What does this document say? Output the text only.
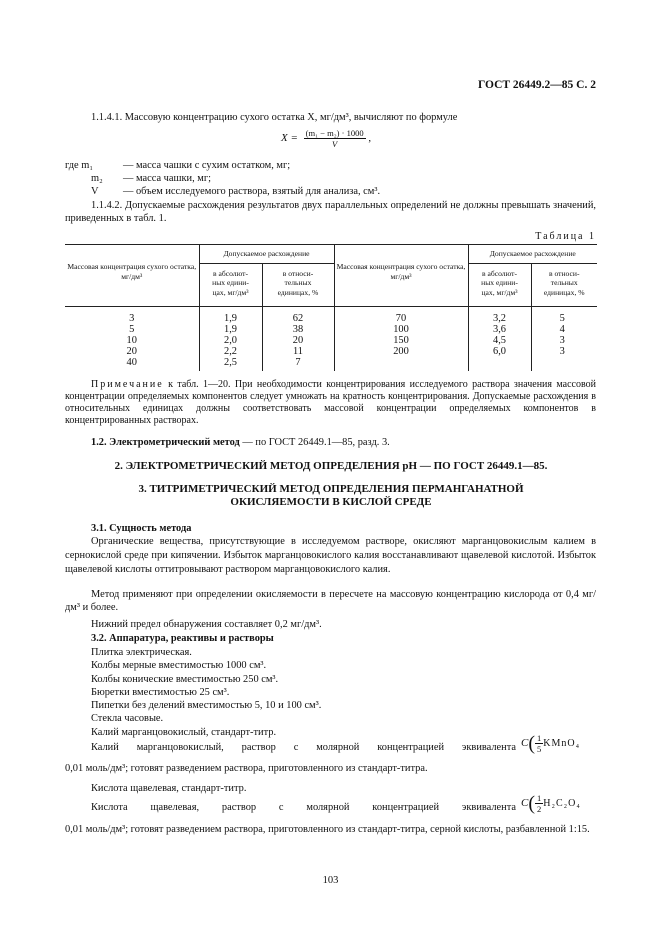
ГОСТ 26449.2—85 С. 2
1.1.4.1. Массовую концентрацию сухого остатка X, мг/дм³, вычисляют по формуле
$X = \frac{\text{(m₁ − m₂) · 1000}}{V}$ ,
где m₁	— масса чашки с сухим остатком, мг;
m₂ — масса чашки, мг;
V — объем исследуемого раствора, взятый для анализа, см³.
1.1.4.2. Допускаемые расхождения результатов двух параллельных определений не должны превышать значений, приведенных в табл. 1.
Таблица 1
Массовая концентрация сухого остатка, мг/дм³	Допускаемое расхождение		Массовая концентрация сухого остатка, мг/дм³	Допускаемое расхождение	
	в абсолют-ных едини-цах, мг/дм³	в относи-тельных единицах, %		в абсолют-ных едини-цах, мг/дм³	в относи-тельных единицах, %
3	1,9	62	70	3,2	5
5	1,9	38	100	3,6	4
10	2,0	20	150	4,5	3
20	2,2	11	200	6,0	3
40	2,5	7			
Примечание к табл. 1—20. При необходимости концентрирования исследуемого раствора значения массовой концентрации определяемых компонентов следует умножать на кратность концентрирования. Допускаемые расхождения в относительных единицах должны соответствовать массовой концентрации определяемых компонентов в концентрированных растворах.
1.2. Электрометрический метод — по ГОСТ 26449.1—85, разд. 3.
2. ЭЛЕКТРОМЕТРИЧЕСКИЙ МЕТОД ОПРЕДЕЛЕНИЯ pH — ПО ГОСТ 26449.1—85.
3. ТИТРИМЕТРИЧЕСКИЙ МЕТОД ОПРЕДЕЛЕНИЯ ПЕРМАНГАНАТНОЙ
ОКИСЛЯЕМОСТИ В КИСЛОЙ СРЕДЕ
3.1. Сущность метода
Органические вещества, присутствующие в исследуемом растворе, окисляют марганцовокислым калием в сернокислой среде при кипячении. Избыток марганцовокислого калия восстанавливают щавелевой кислотой. Избыток щавелевой кислоты оттитровывают раствором марганцовокислого калия.
Метод применяют при определении окисляемости в пересчете на массовую концентрацию кислорода от 0,4 мг/дм³ и более.
Нижний предел обнаружения составляет 0,2 мг/дм³.
3.2. Аппаратура, реактивы и растворы
Плитка электрическая.
Колбы мерные вместимостью 1000 см³.
Колбы конические вместимостью 250 см³.
Бюретки вместимостью 25 см³.
Пипетки без делений вместимостью 5, 10 и 100 см³.
Стекла часовые.
Калий марганцовокислый, стандарт-титр.
Калий марганцовокислый, раствор с молярной концентрацией эквивалента $C( \frac{1}{5}$ KMnO₄
0,01 моль/дм³; готовят разведением раствора, приготовленного из стандарт-титра.
Кислота щавелевая, стандарт-титр.
Кислота щавелевая, раствор с молярной концентрацией эквивалента $C( \frac{1}{2} H_2C_2O_4$
0,01 моль/дм³; готовят разведением раствора, приготовленного из стандарт-титра, серной кислоты, разбавленной 1:15.
103
